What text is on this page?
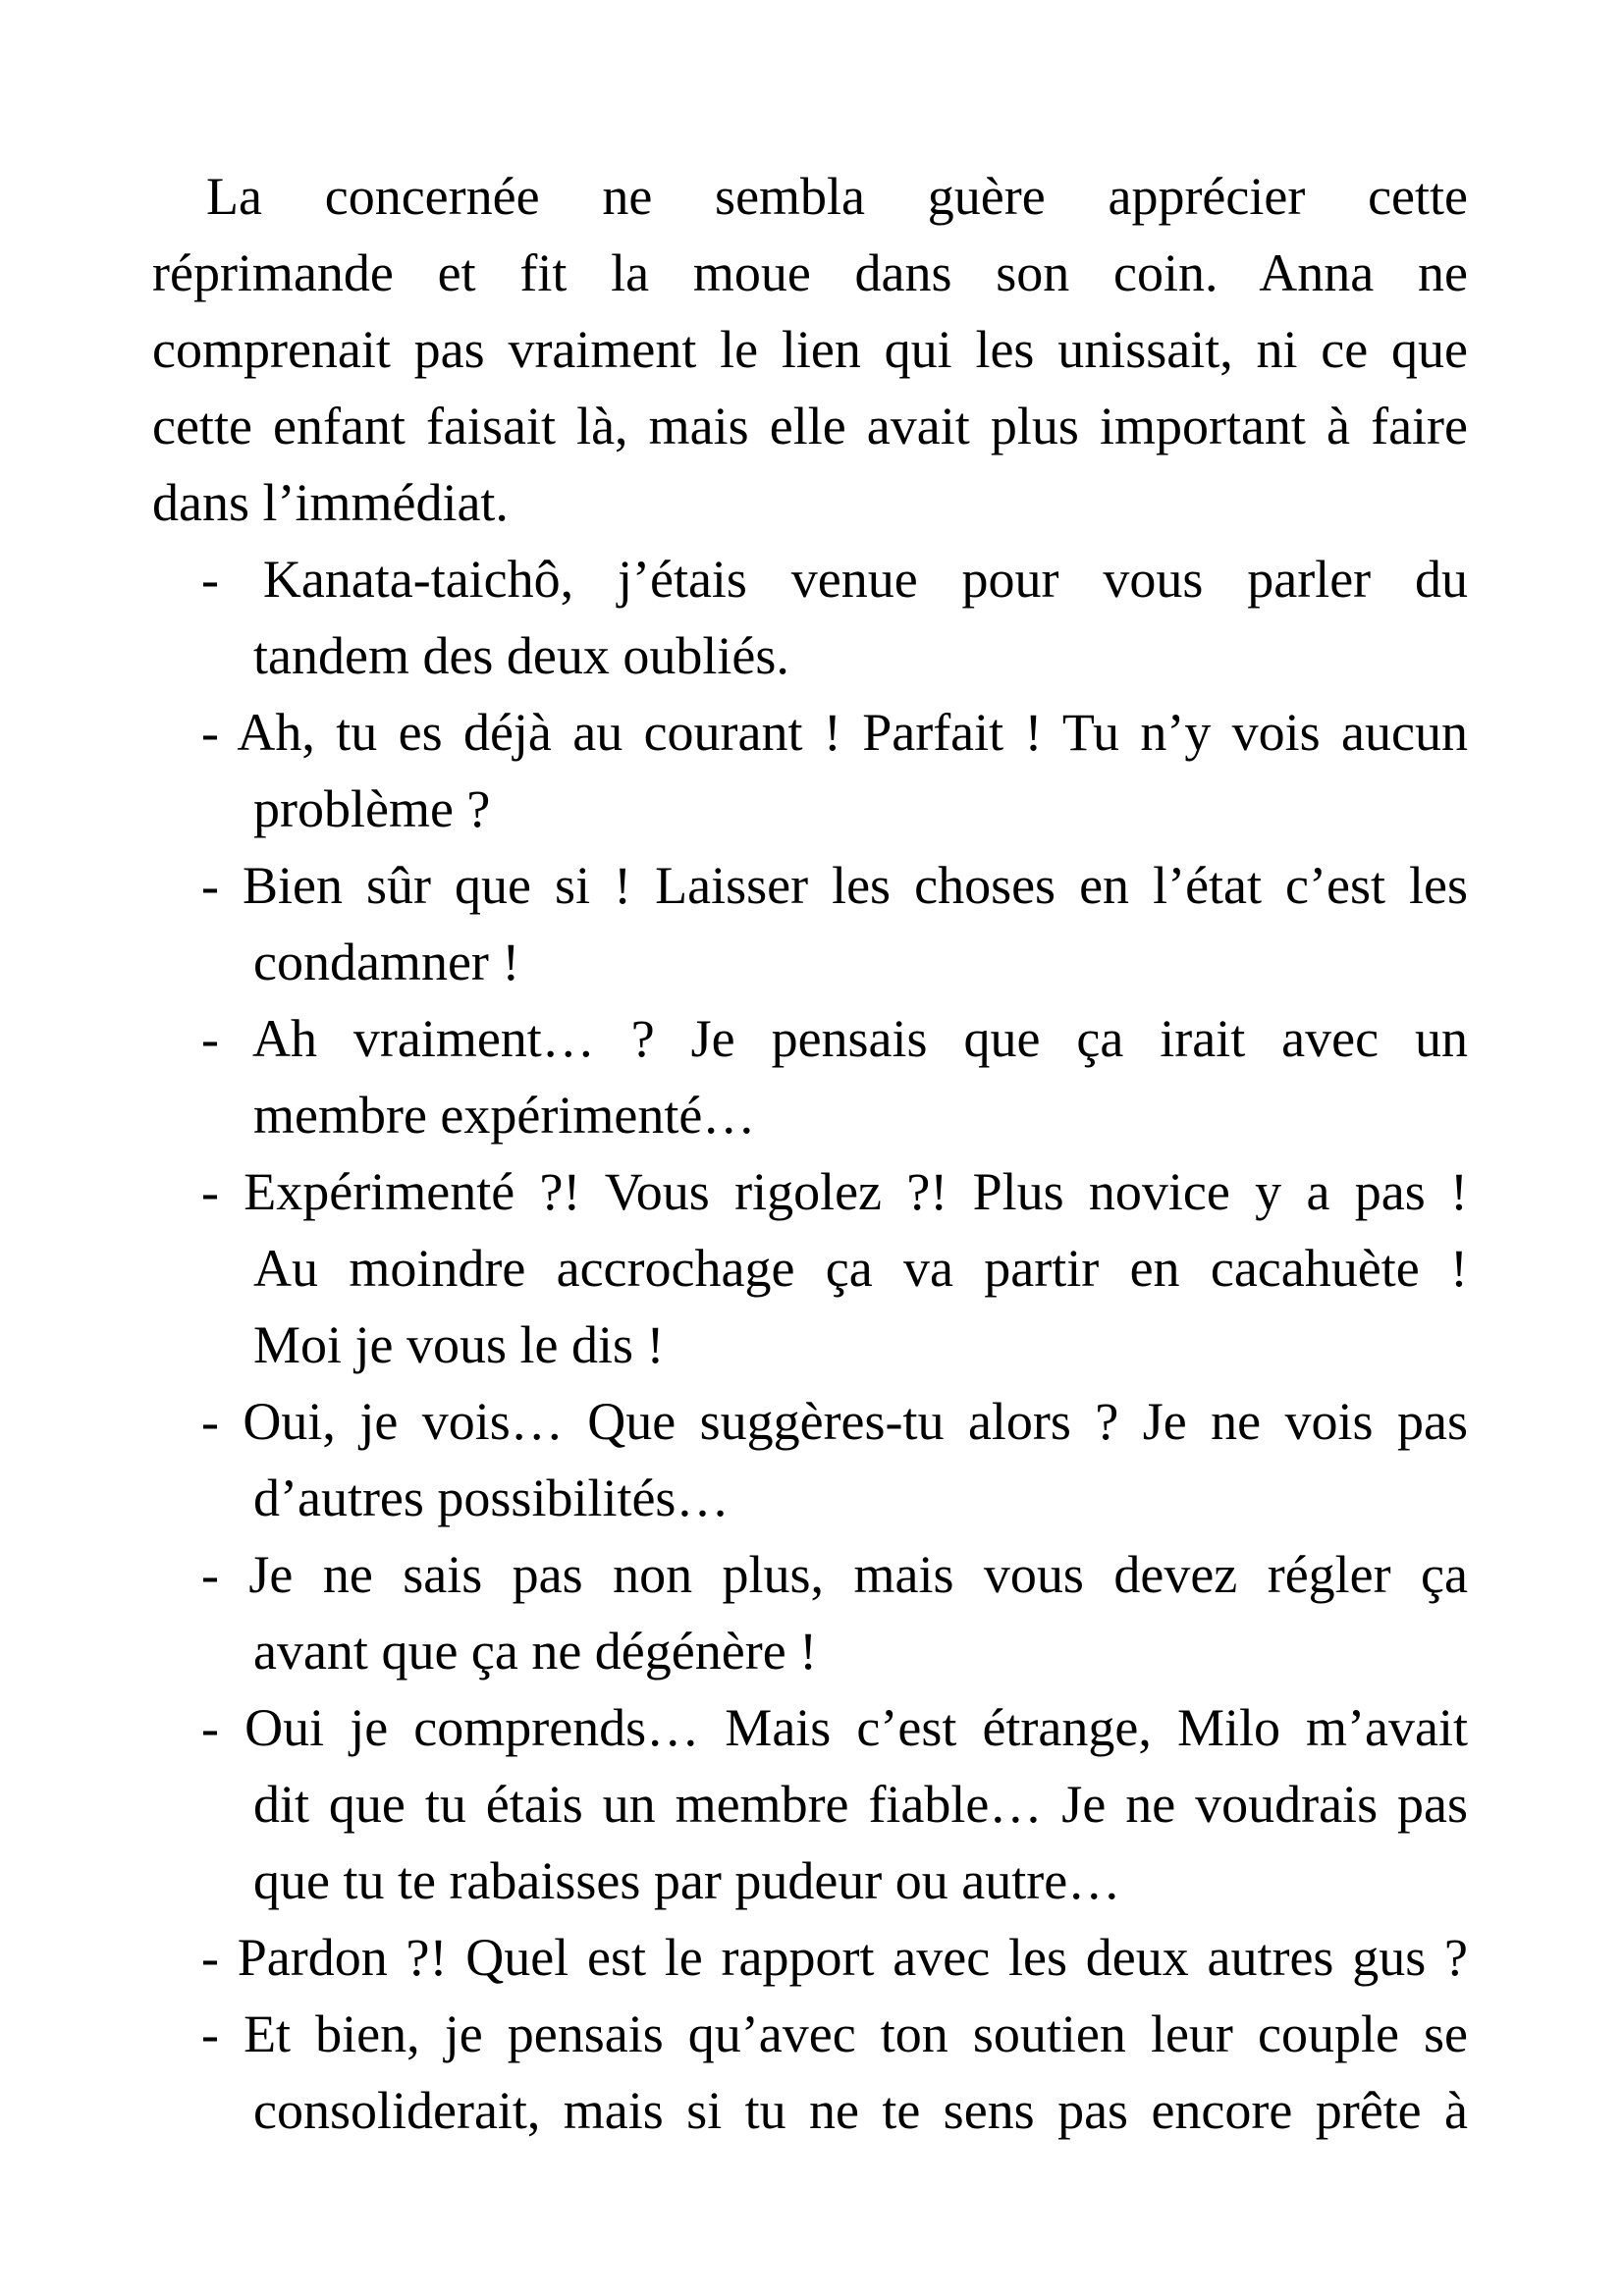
La concernée ne sembla guère apprécier cette
réprimande et fit la moue dans son coin. Anna ne
comprenait pas vraiment le lien qui les unissait, ni ce que
cette enfant faisait là, mais elle avait plus important à faire
dans l’immédiat.
- Kanata-taichô, j’étais venue pour vous parler du
tandem des deux oubliés.
- Ah, tu es déjà au courant ! Parfait ! Tu n’y vois aucun
problème ?
- Bien sûr que si ! Laisser les choses en l’état c’est les
condamner !
- Ah vraiment… ? Je pensais que ça irait avec un
membre expérimenté…
- Expérimenté ?! Vous rigolez ?! Plus novice y a pas !
Au moindre accrochage ça va partir en cacahuète !
Moi je vous le dis !
- Oui, je vois… Que suggères-tu alors ? Je ne vois pas
d’autres possibilités…
- Je ne sais pas non plus, mais vous devez régler ça
avant que ça ne dégénère !
- Oui je comprends… Mais c’est étrange, Milo m’avait
dit que tu étais un membre fiable… Je ne voudrais pas
que tu te rabaisses par pudeur ou autre…
- Pardon ?! Quel est le rapport avec les deux autres gus ?
- Et bien, je pensais qu’avec ton soutien leur couple se
consoliderait, mais si tu ne te sens pas encore prête à
